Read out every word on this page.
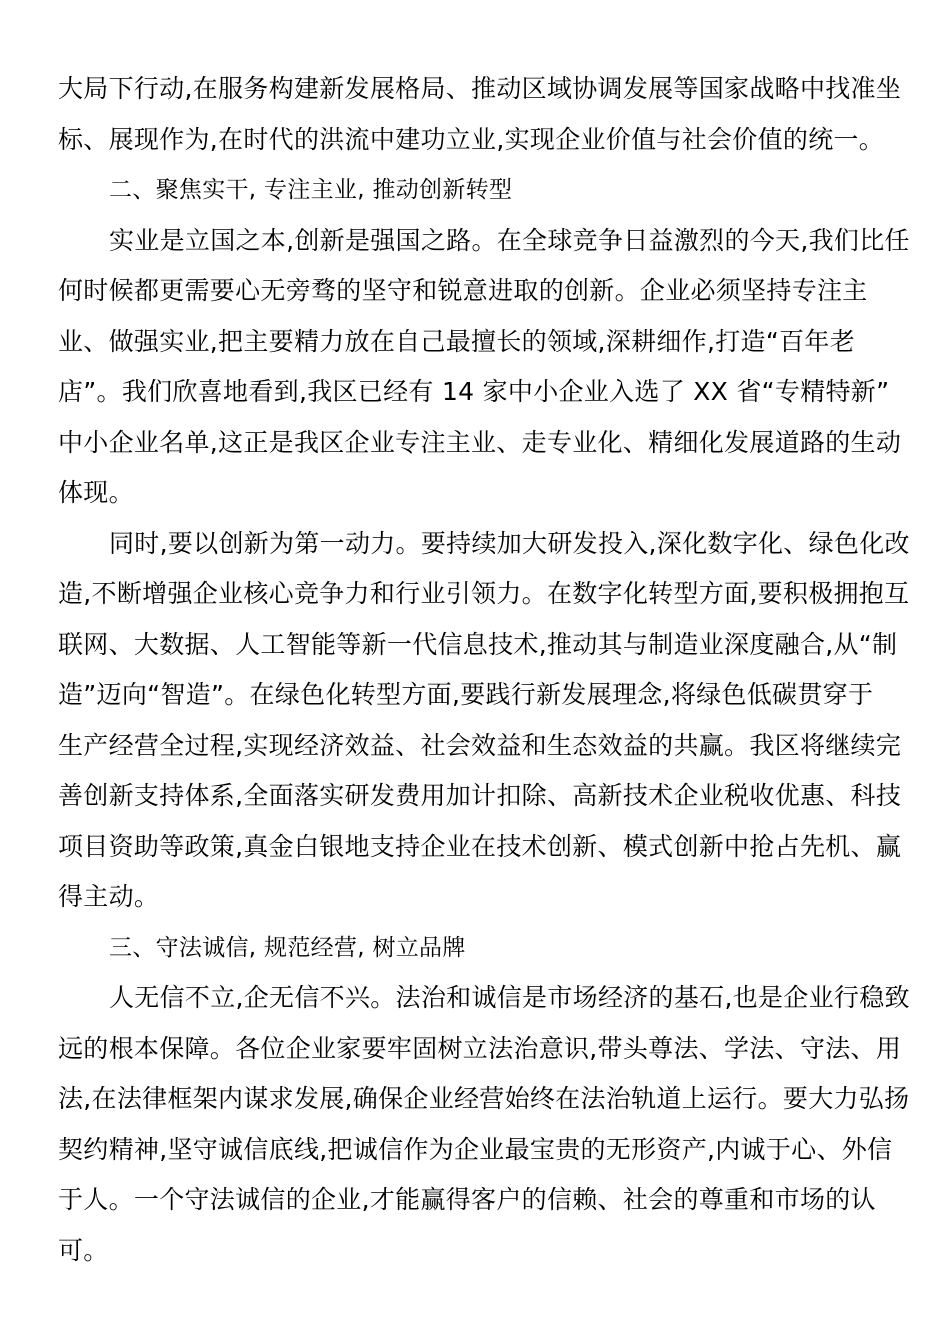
大局下行动,在服务构建新发展格局、推动区域协调发展等国家战略中找准坐
标、展现作为,在时代的洪流中建功立业,实现企业价值与社会价值的统一。
二、聚焦实干, 专注主业, 推动创新转型
实业是立国之本,创新是强国之路。在全球竞争日益激烈的今天,我们比任
何时候都更需要心无旁骛的坚守和锐意进取的创新。企业必须坚持专注主
业、做强实业,把主要精力放在自己最擅长的领域,深耕细作,打造“百年老
店”。我们欣喜地看到,我区已经有 14 家中小企业入选了 XX 省“专精特新”
中小企业名单,这正是我区企业专注主业、走专业化、精细化发展道路的生动
体现。
同时,要以创新为第一动力。要持续加大研发投入,深化数字化、绿色化改
造,不断增强企业核心竞争力和行业引领力。在数字化转型方面,要积极拥抱互
联网、大数据、人工智能等新一代信息技术,推动其与制造业深度融合,从“制
造”迈向“智造”。在绿色化转型方面,要践行新发展理念,将绿色低碳贯穿于
生产经营全过程,实现经济效益、社会效益和生态效益的共赢。我区将继续完
善创新支持体系,全面落实研发费用加计扣除、高新技术企业税收优惠、科技
项目资助等政策,真金白银地支持企业在技术创新、模式创新中抢占先机、赢
得主动。
三、守法诚信, 规范经营, 树立品牌
人无信不立,企无信不兴。法治和诚信是市场经济的基石,也是企业行稳致
远的根本保障。各位企业家要牢固树立法治意识,带头尊法、学法、守法、用
法,在法律框架内谋求发展,确保企业经营始终在法治轨道上运行。要大力弘扬
契约精神,坚守诚信底线,把诚信作为企业最宝贵的无形资产,内诚于心、外信
于人。一个守法诚信的企业,才能赢得客户的信赖、社会的尊重和市场的认
可。
